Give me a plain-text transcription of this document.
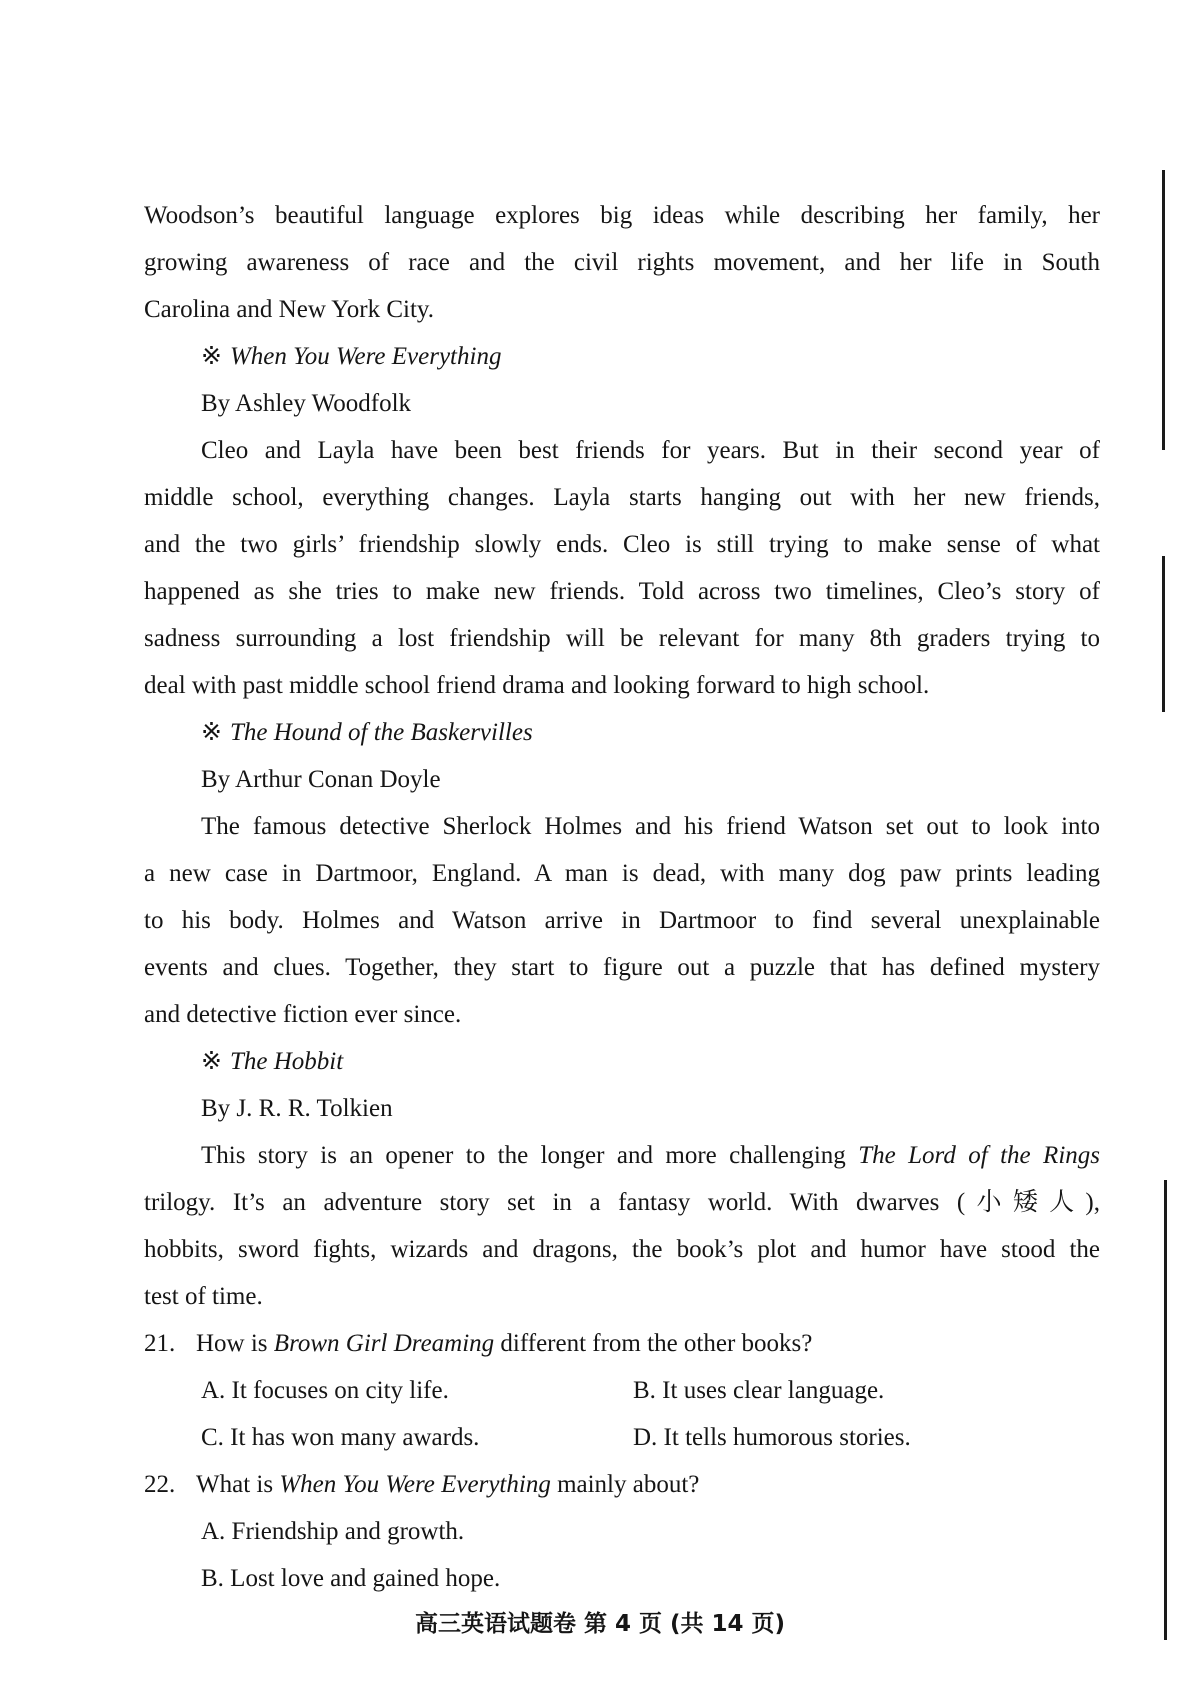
Woodson’s beautiful language explores big ideas while describing her family, her

growing awareness of race and the civil rights movement, and her life in South

Carolina and New York City.

※ When You Were Everything

By Ashley Woodfolk

Cleo and Layla have been best friends for years. But in their second year of

middle school, everything changes. Layla starts hanging out with her new friends,

and the two girls’ friendship slowly ends. Cleo is still trying to make sense of what

happened as she tries to make new friends. Told across two timelines, Cleo’s story of

sadness surrounding a lost friendship will be relevant for many 8th graders trying to

deal with past middle school friend drama and looking forward to high school.

※ The Hound of the Baskervilles

By Arthur Conan Doyle

The famous detective Sherlock Holmes and his friend Watson set out to look into

a new case in Dartmoor, England. A man is dead, with many dog paw prints leading

to his body. Holmes and Watson arrive in Dartmoor to find several unexplainable

events and clues. Together, they start to figure out a puzzle that has defined mystery

and detective fiction ever since.

※ The Hobbit

By J. R. R. Tolkien

This story is an opener to the longer and more challenging The Lord of the Rings

trilogy. It’s an adventure story set in a fantasy world. With dwarves (小矮人),

hobbits, sword fights, wizards and dragons, the book’s plot and humor have stood the

test of time.

21. How is Brown Girl Dreaming different from the other books?
A. It focuses on city life.	B. It uses clear language.
C. It has won many awards.	D. It tells humorous stories.
22. What is When You Were Everything mainly about?
A. Friendship and growth.
B. Lost love and gained hope.
高三英语试题卷 第 4 页 (共 14 页)
